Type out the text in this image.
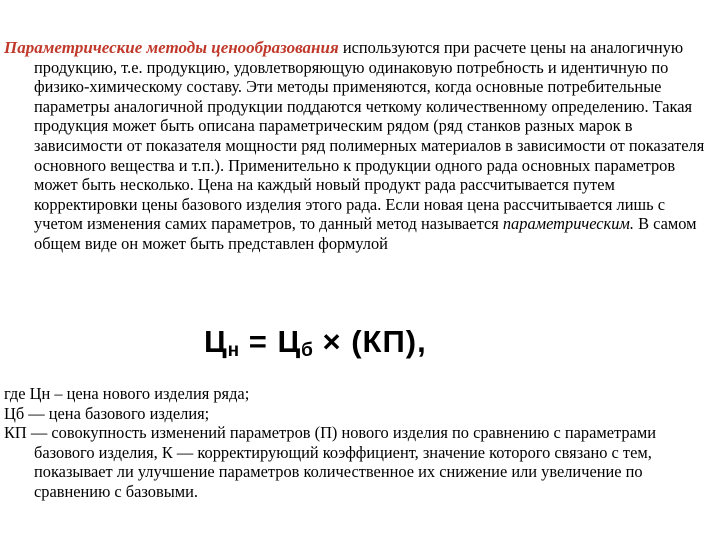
Параметрические методы ценообразования используются при расчете цены на аналогичную продукцию, т.е. продукцию, удовлетворяющую одинаковую потребность и идентичную по физико-химическому составу. Эти методы применяются, когда основные потребительные параметры аналогичной продукции поддаются четкому количественному определению. Такая продукция может быть описана параметрическим рядом (ряд станков разных марок в зависимости от показателя мощности ряд полимерных материалов в зависимости от показателя основного вещества и т.п.). Применительно к продукции одного рада основных параметров может быть несколько. Цена на каждый новый продукт рада рассчитывается путем корректировки цены базового изделия этого рада. Если новая цена рассчитывается лишь с учетом изменения самих параметров, то данный метод называется параметрическим. В самом общем виде он может быть представлен формулой

$Ц_н = Ц_б \times (КП)$,

где Цн – цена нового изделия ряда;

Цб — цена базового изделия;

КП — совокупность изменений параметров (П) нового изделия по сравнению с параметрами базового изделия, К — корректирующий коэффициент, значение которого связано с тем, показывает ли улучшение параметров количественное их снижение или увеличение по сравнению с базовыми.
